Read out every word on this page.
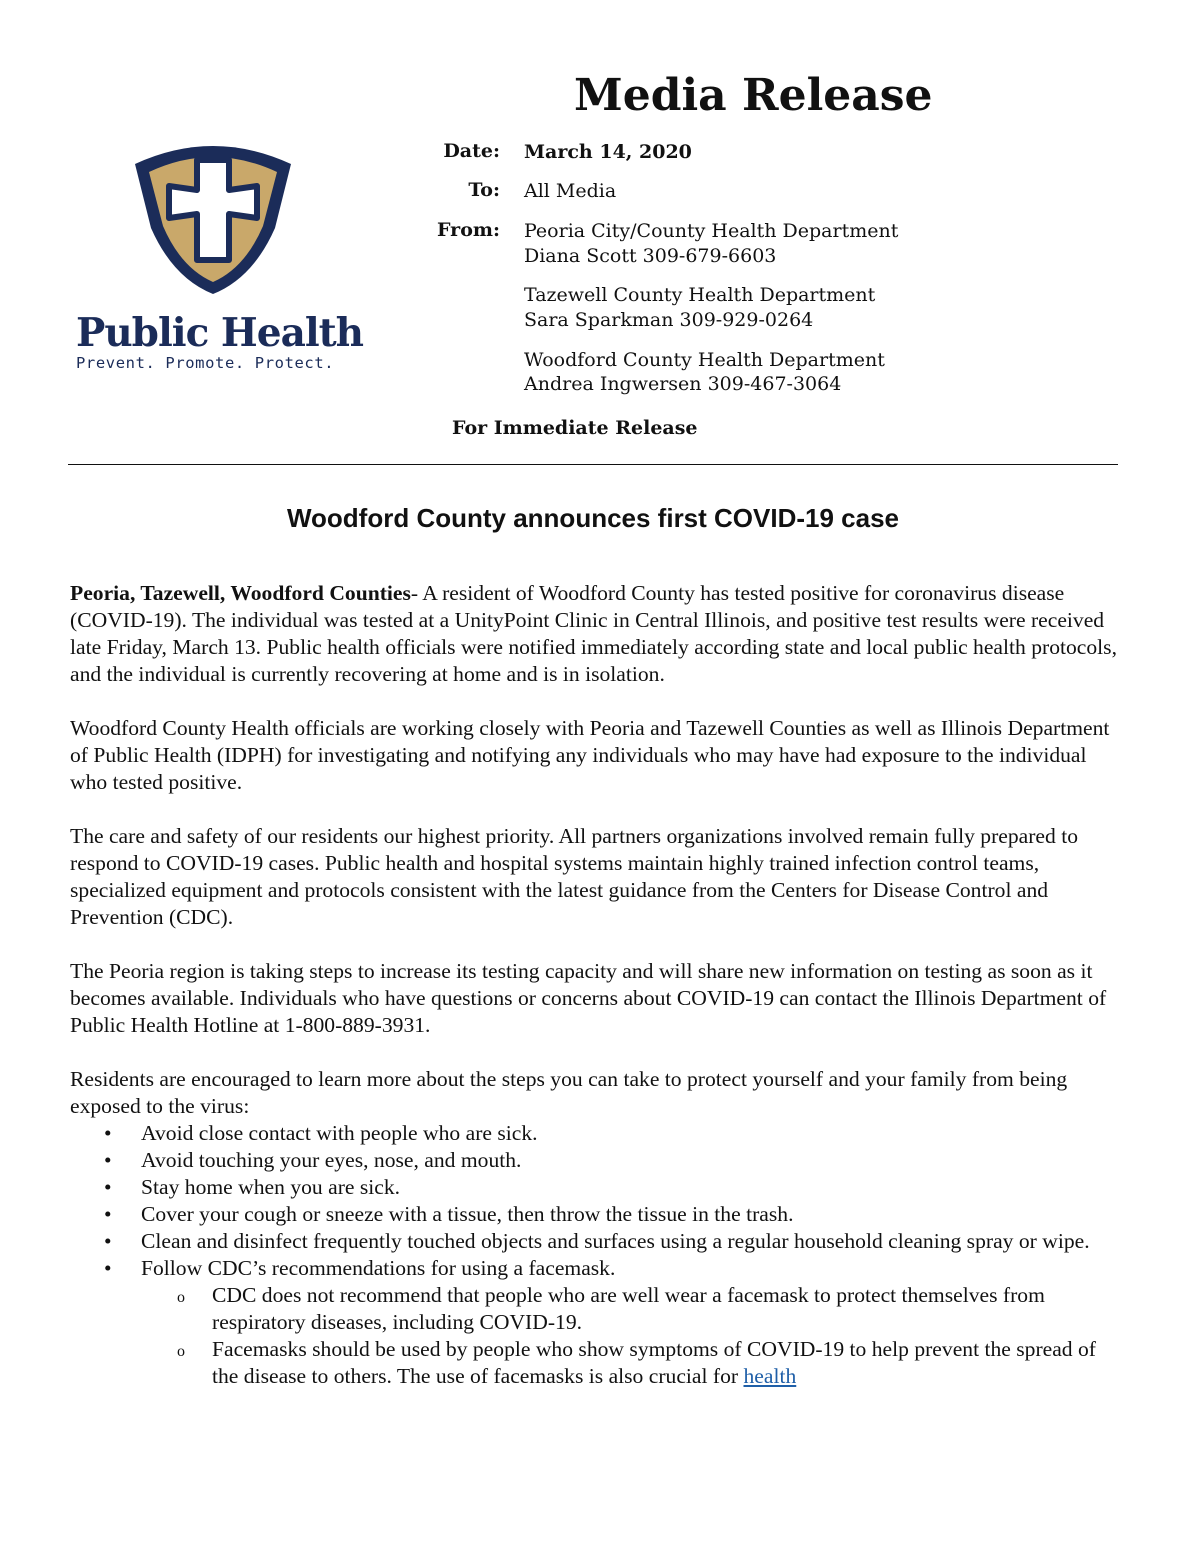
Public Health
Prevent. Promote. Protect.
Media Release
Date: March 14, 2020
To: All Media
From: Peoria City/County Health Department
Diana Scott 309-679-6603
Tazewell County Health Department
Sara Sparkman 309-929-0264
Woodford County Health Department
Andrea Ingwersen 309-467-3064
For Immediate Release
Woodford County announces first COVID-19 case

Peoria, Tazewell, Woodford Counties- A resident of Woodford County has tested positive for coronavirus disease (COVID-19). The individual was tested at a UnityPoint Clinic in Central Illinois, and positive test results were received late Friday, March 13. Public health officials were notified immediately according state and local public health protocols, and the individual is currently recovering at home and is in isolation.

Woodford County Health officials are working closely with Peoria and Tazewell Counties as well as Illinois Department of Public Health (IDPH) for investigating and notifying any individuals who may have had exposure to the individual who tested positive.

The care and safety of our residents our highest priority. All partners organizations involved remain fully prepared to respond to COVID-19 cases. Public health and hospital systems maintain highly trained infection control teams, specialized equipment and protocols consistent with the latest guidance from the Centers for Disease Control and Prevention (CDC).

The Peoria region is taking steps to increase its testing capacity and will share new information on testing as soon as it becomes available. Individuals who have questions or concerns about COVID-19 can contact the Illinois Department of Public Health Hotline at 1-800-889-3931.

Residents are encouraged to learn more about the steps you can take to protect yourself and your family from being exposed to the virus:

• Avoid close contact with people who are sick.
• Avoid touching your eyes, nose, and mouth.
• Stay home when you are sick.
• Cover your cough or sneeze with a tissue, then throw the tissue in the trash.
• Clean and disinfect frequently touched objects and surfaces using a regular household cleaning spray or wipe.
• Follow CDC’s recommendations for using a facemask.
o CDC does not recommend that people who are well wear a facemask to protect themselves from respiratory diseases, including COVID-19.
o Facemasks should be used by people who show symptoms of COVID-19 to help prevent the spread of the disease to others. The use of facemasks is also crucial for health
